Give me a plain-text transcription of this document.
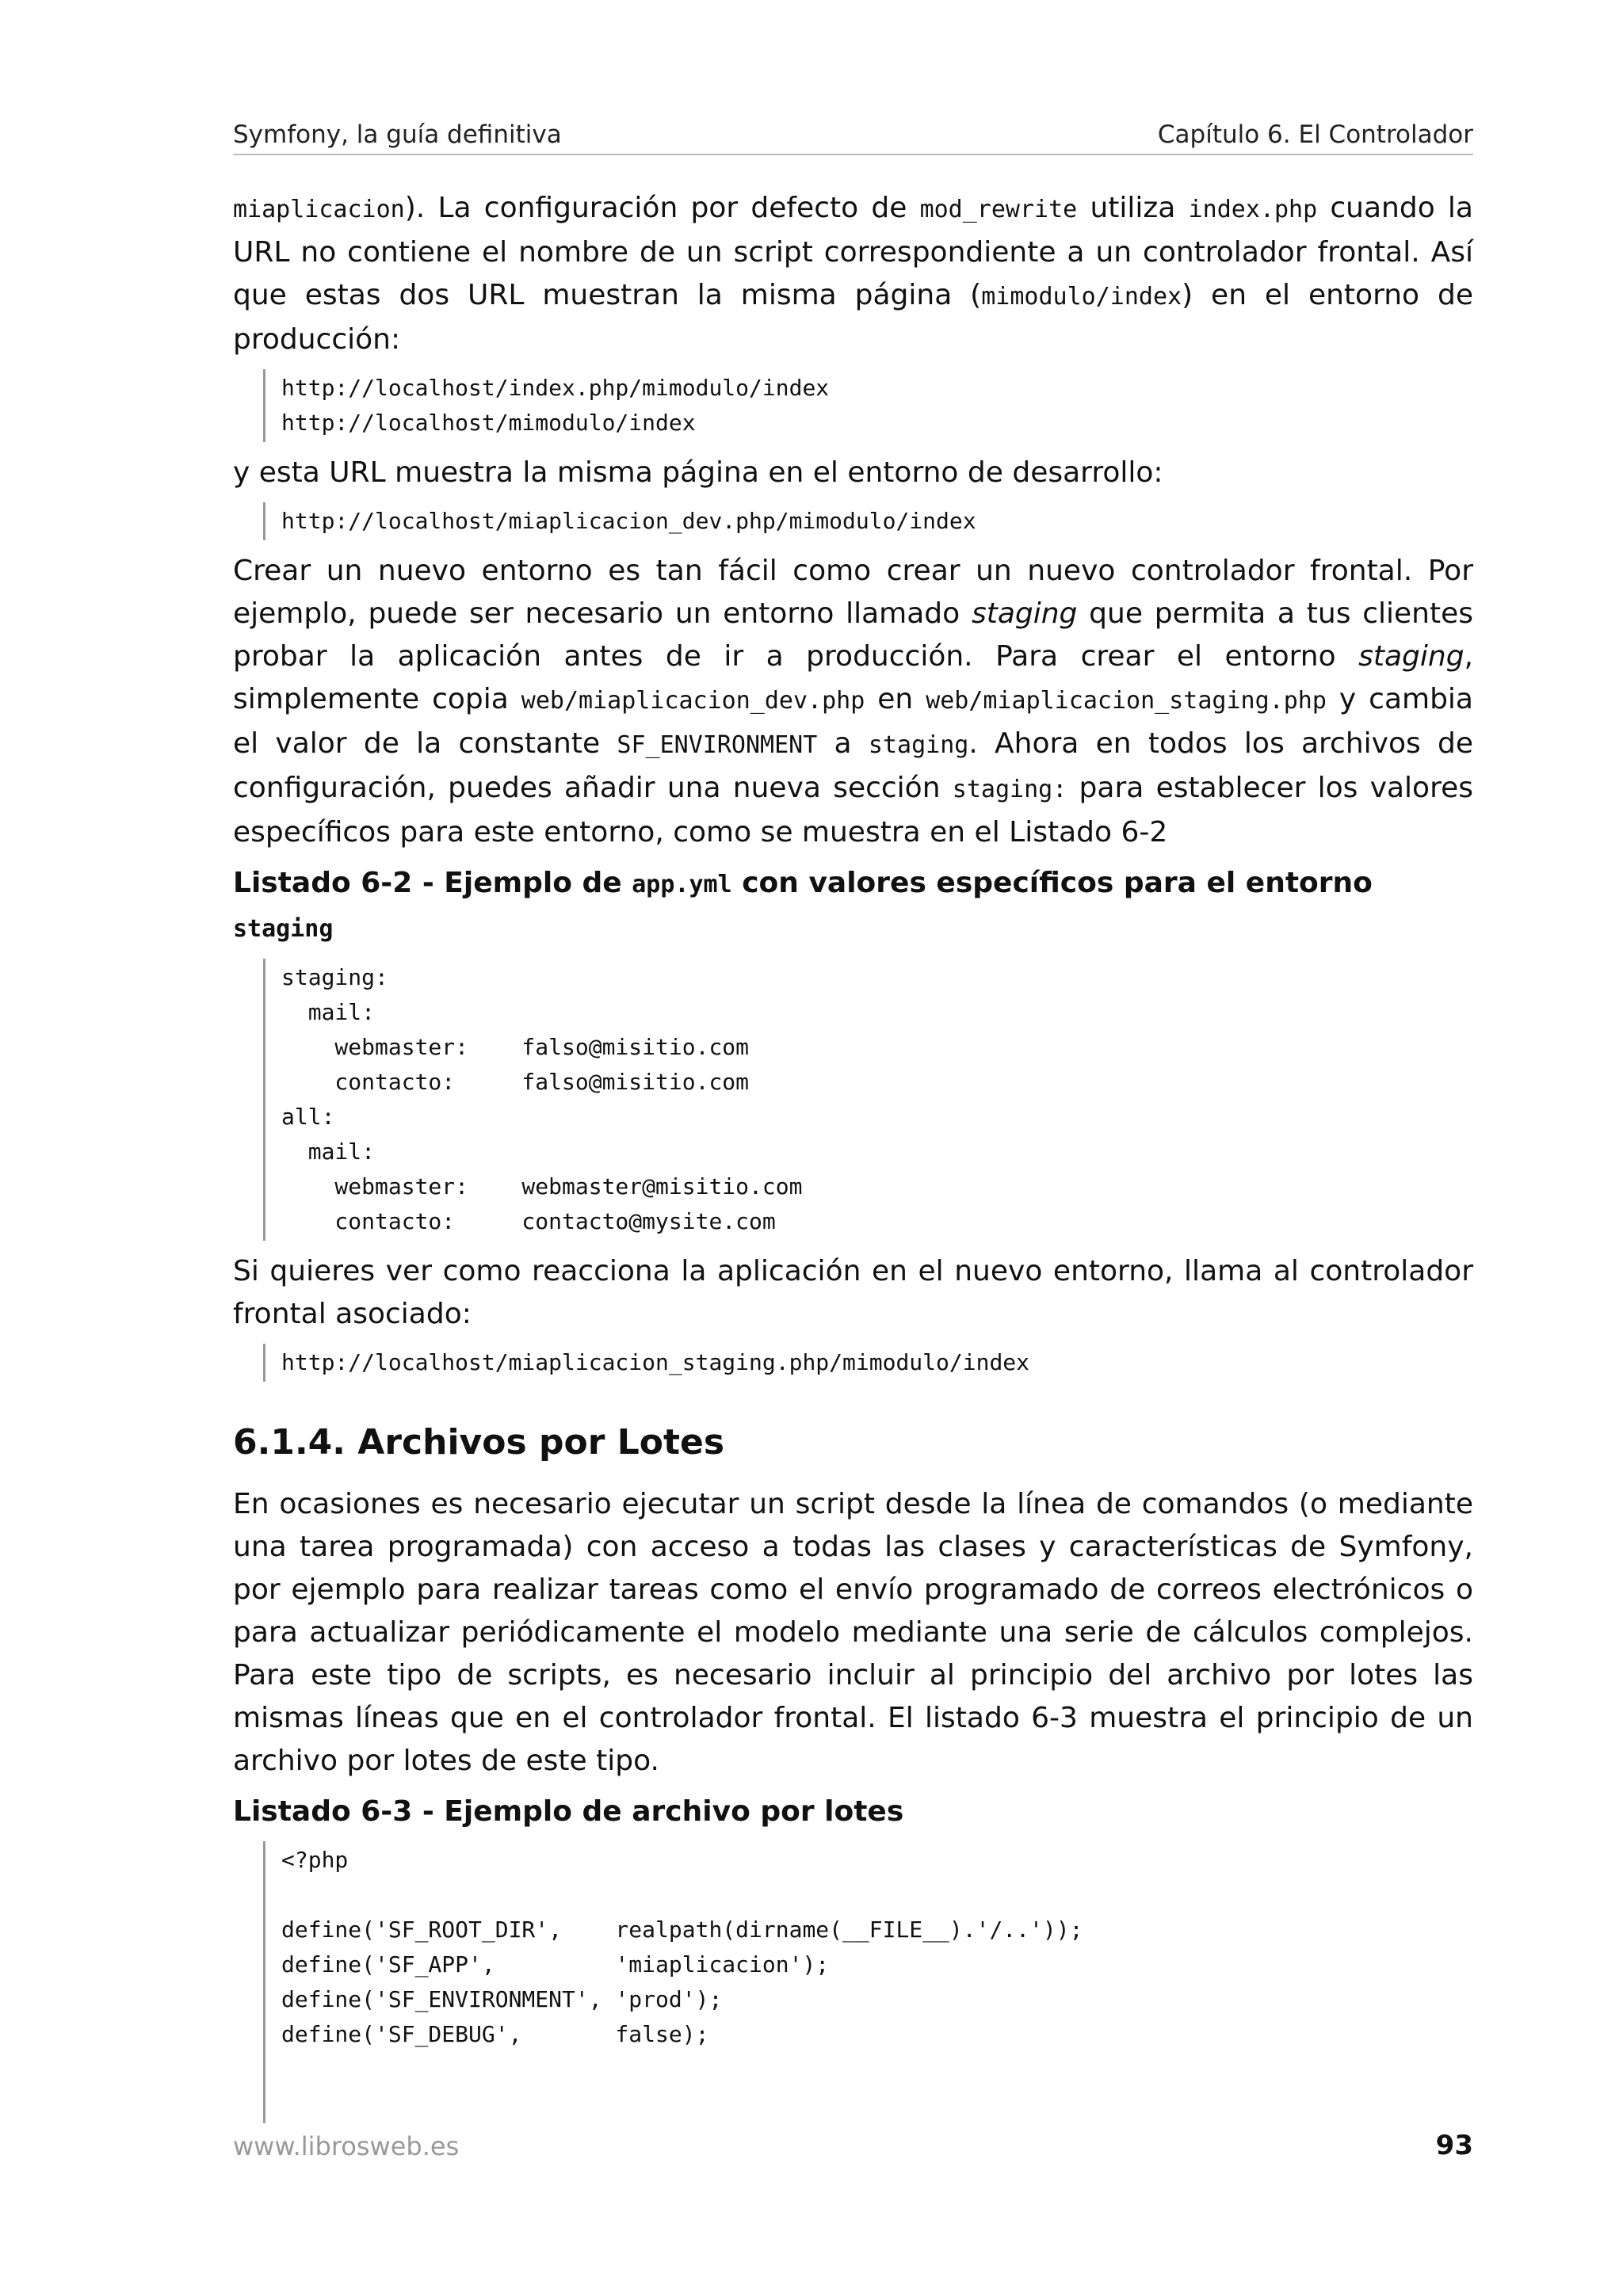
Symfony, la guía definitiva	Capítulo 6. El Controlador

miaplicacion). La configuración por defecto de mod_rewrite utiliza index.php cuando la URL no contiene el nombre de un script correspondiente a un controlador frontal. Así que estas dos URL muestran la misma página (mimodulo/index) en el entorno de producción:

http://localhost/index.php/mimodulo/index
http://localhost/mimodulo/index

y esta URL muestra la misma página en el entorno de desarrollo:

http://localhost/miaplicacion_dev.php/mimodulo/index

Crear un nuevo entorno es tan fácil como crear un nuevo controlador frontal. Por ejemplo, puede ser necesario un entorno llamado staging que permita a tus clientes probar la aplicación antes de ir a producción. Para crear el entorno staging, simplemente copia web/miaplicacion_dev.php en web/miaplicacion_staging.php y cambia el valor de la constante SF_ENVIRONMENT a staging. Ahora en todos los archivos de configuración, puedes añadir una nueva sección staging: para establecer los valores específicos para este entorno, como se muestra en el Listado 6-2

Listado 6-2 - Ejemplo de app.yml con valores específicos para el entorno staging
staging:
mail:
webmaster:    falso@misitio.com
contacto:     falso@misitio.com
all:
mail:
webmaster:    webmaster@misitio.com
contacto:     contacto@mysite.com

Si quieres ver como reacciona la aplicación en el nuevo entorno, llama al controlador frontal asociado:

http://localhost/miaplicacion_staging.php/mimodulo/index
6.1.4. Archivos por Lotes

En ocasiones es necesario ejecutar un script desde la línea de comandos (o mediante una tarea programada) con acceso a todas las clases y características de Symfony, por ejemplo para realizar tareas como el envío programado de correos electrónicos o para actualizar periódicamente el modelo mediante una serie de cálculos complejos. Para este tipo de scripts, es necesario incluir al principio del archivo por lotes las mismas líneas que en el controlador frontal. El listado 6-3 muestra el principio de un archivo por lotes de este tipo.

Listado 6-3 - Ejemplo de archivo por lotes
<?php
define('SF_ROOT_DIR',    realpath(dirname(__FILE__).'/..'));
define('SF_APP',         'miaplicacion');
define('SF_ENVIRONMENT', 'prod');
define('SF_DEBUG',       false);
www.librosweb.es	93
